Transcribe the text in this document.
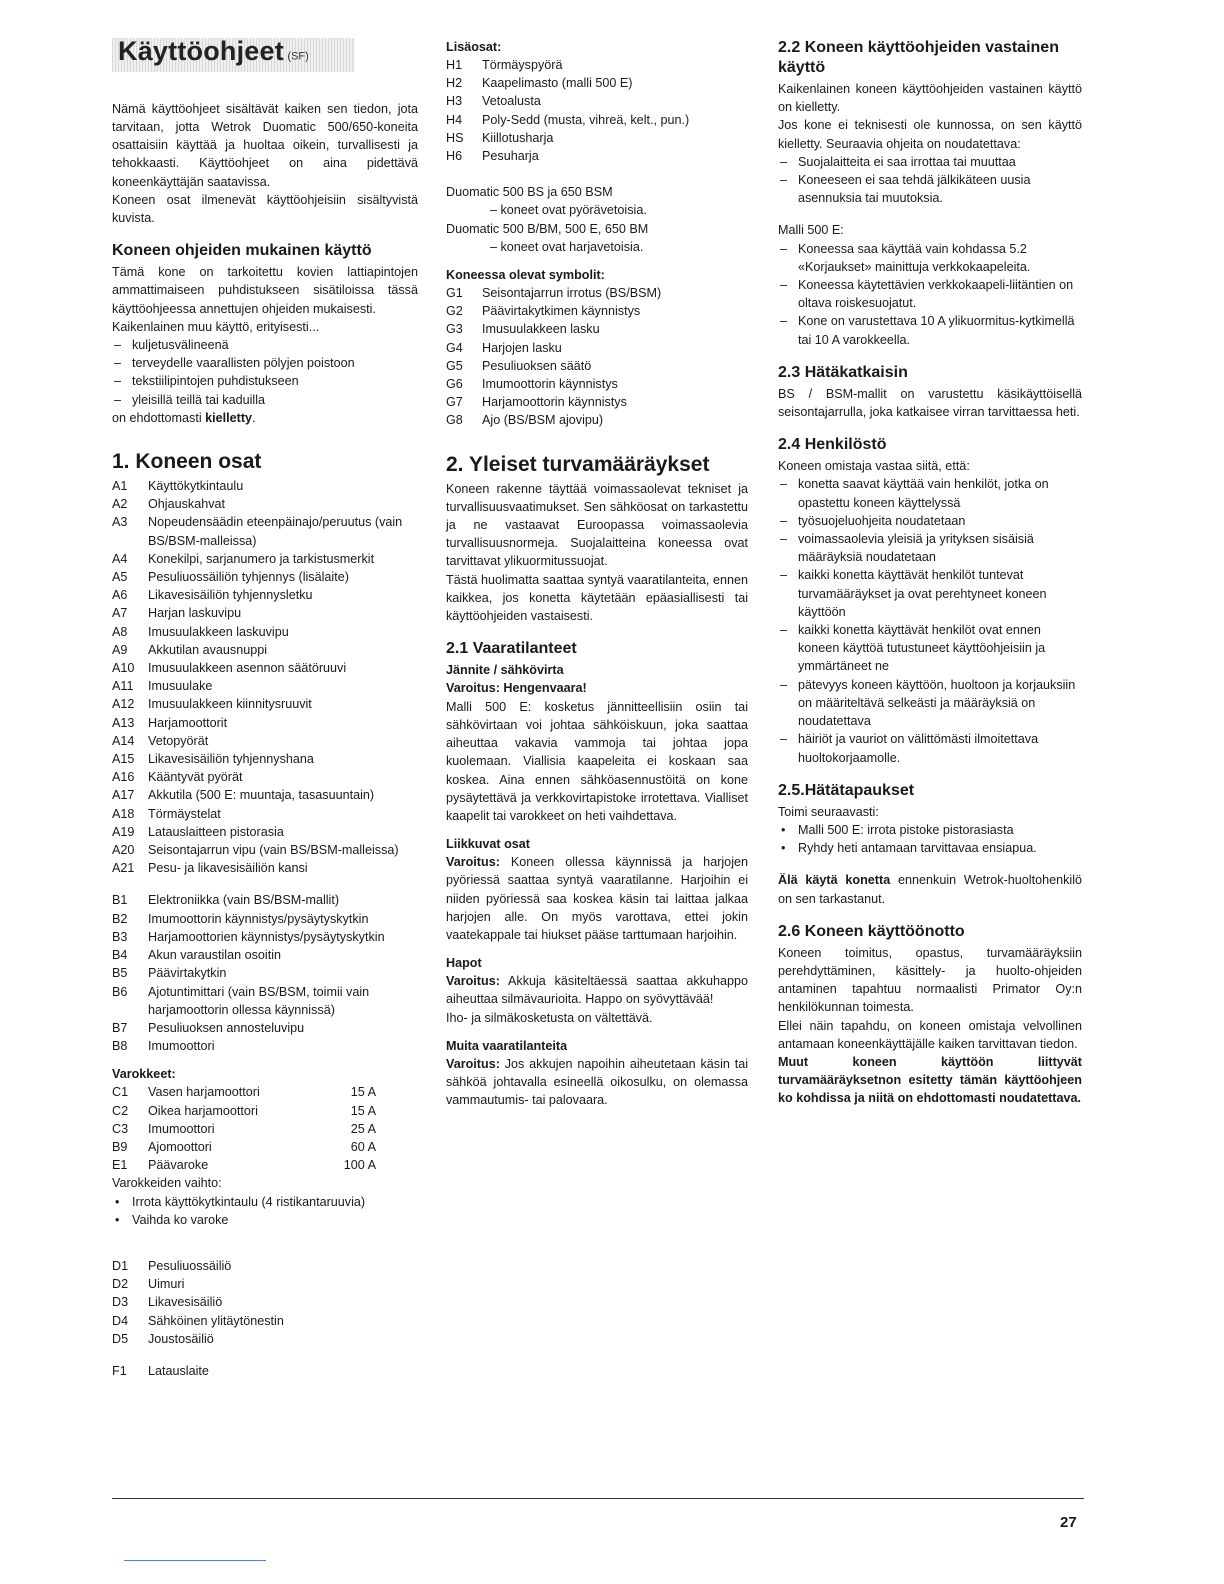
Käyttöohjeet (SF)

Nämä käyttöohjeet sisältävät kaiken sen tiedon, jota tarvitaan, jotta Wetrok Duomatic 500/650-koneita osattaisiin käyttää ja huoltaa oikein, turvallisesti ja tehokkaasti. Käyttöohjeet on aina pidettävä koneenkäyttäjän saatavissa.

Koneen osat ilmenevät käyttöohjeisiin sisältyvistä kuvista.

Koneen ohjeiden mukainen käyttö

Tämä kone on tarkoitettu kovien lattiapintojen ammattimaiseen puhdistukseen sisätiloissa tässä käyttöohjeessa annettujen ohjeiden mukaisesti.

Kaikenlainen muu käyttö, erityisesti...

– kuljetusvälineenä
– terveydelle vaarallisten pölyjen poistoon
– tekstiilipintojen puhdistukseen
– yleisillä teillä tai kaduilla

on ehdottomasti kielletty.

1. Koneen osat
A1	Käyttökytkintaulu
A2	Ohjauskahvat
A3	Nopeudensäädin eteenpäinajo/peruutus (vain BS/BSM-malleissa)
A4	Konekilpi, sarjanumero ja tarkistusmerkit
A5	Pesuliuossäiliön tyhjennys (lisälaite)
A6	Likavesisäiliön tyhjennysletku
A7	Harjan laskuvipu
A8	Imusuulakkeen laskuvipu
A9	Akkutilan avausnuppi
A10	Imusuulakkeen asennon säätöruuvi
A11	Imusuulake
A12	Imusuulakkeen kiinnitysruuvit
A13	Harjamoottorit
A14	Vetopyörät
A15	Likavesisäiliön tyhjennyshana
A16	Kääntyvät pyörät
A17	Akkutila (500 E: muuntaja, tasasuuntain)
A18	Törmäystelat
A19	Latauslaitteen pistorasia
A20	Seisontajarrun vipu (vain BS/BSM-malleissa)
A21	Pesu- ja likavesisäiliön kansi
B1	Elektroniikka (vain BS/BSM-mallit)
B2	Imumoottorin käynnistys/pysäytyskytkin
B3	Harjamoottorien käynnistys/pysäytyskytkin
B4	Akun varaustilan osoitin
B5	Päävirtakytkin
B6	Ajotuntimittari (vain BS/BSM, toimii vain harjamoottorin ollessa käynnissä)
B7	Pesuliuoksen annosteluvipu
B8	Imumoottori
Varokkeet:
C1	Vasen harjamoottori	15 A
C2	Oikea harjamoottori	15 A
C3	Imumoottori	25 A
B9	Ajomoottori	60 A
E1	Päävaroke	100 A

Varokkeiden vaihto:

• Irrota käyttökytkintaulu (4 ristikantaruuvia)
• Vaihda ko varoke
D1	Pesuliuossäiliö
D2	Uimuri
D3	Likavesisäiliö
D4	Sähköinen ylitäytönestin
D5	Joustosäiliö
F1	Latauslaite
Lisäosat:
H1	Törmäyspyörä
H2	Kaapelimasto (malli 500 E)
H3	Vetoalusta
H4	Poly-Sedd (musta, vihreä, kelt., pun.)
HS	Kiillotusharja
H6	Pesuharja

Duomatic 500 BS ja 650 BSM

– koneet ovat pyörävetoisia.

Duomatic 500 B/BM, 500 E, 650 BM

– koneet ovat harjavetoisia.

Koneessa olevat symbolit:
G1	Seisontajarrun irrotus (BS/BSM)
G2	Päävirtakytkimen käynnistys
G3	Imusuulakkeen lasku
G4	Harjojen lasku
G5	Pesuliuoksen säätö
G6	Imumoottorin käynnistys
G7	Harjamoottorin käynnistys
G8	Ajo (BS/BSM ajovipu)
2. Yleiset turvamääräykset

Koneen rakenne täyttää voimassaolevat tekniset ja turvallisuusvaatimukset. Sen sähköosat on tarkastettu ja ne vastaavat Euroopassa voimassaolevia turvallisuusnormeja. Suojalaitteina koneessa ovat tarvittavat ylikuormitussuojat.

Tästä huolimatta saattaa syntyä vaaratilanteita, ennen kaikkea, jos konetta käytetään epäasiallisesti tai käyttöohjeiden vastaisesti.

2.1 Vaaratilanteet

Jännite / sähkövirta

Varoitus: Hengenvaara!

Malli 500 E: kosketus jännitteellisiin osiin tai sähkövirtaan voi johtaa sähköiskuun, joka saattaa aiheuttaa vakavia vammoja tai johtaa jopa kuolemaan. Viallisia kaapeleita ei koskaan saa koskea. Aina ennen sähköasennustöitä on kone pysäytettävä ja verkkovirtapistoke irrotettava. Vialliset kaapelit tai varokkeet on heti vaihdettava.

Liikkuvat osat

Varoitus: Koneen ollessa käynnissä ja harjojen pyöriessä saattaa syntyä vaaratilanne. Harjoihin ei niiden pyöriessä saa koskea käsin tai laittaa jalkaa harjojen alle. On myös varottava, ettei jokin vaatekappale tai hiukset pääse tarttumaan harjoihin.

Hapot

Varoitus: Akkuja käsiteltäessä saattaa akkuhappo aiheuttaa silmävaurioita. Happo on syövyttävää!

Iho- ja silmäkosketusta on vältettävä.

Muita vaaratilanteita

Varoitus: Jos akkujen napoihin aiheutetaan käsin tai sähköä johtavalla esineellä oikosulku, on olemassa vammautumis- tai palovaara.

2.2 Koneen käyttöohjeiden vastainen käyttö

Kaikenlainen koneen käyttöohjeiden vastainen käyttö on kielletty.

Jos kone ei teknisesti ole kunnossa, on sen käyttö kielletty. Seuraavia ohjeita on noudatettava:

– Suojalaitteita ei saa irrottaa tai muuttaa
– Koneeseen ei saa tehdä jälkikäteen uusia asennuksia tai muutoksia.

Malli 500 E:

– Koneessa saa käyttää vain kohdassa 5.2 «Korjaukset» mainittuja verkkokaapeleita.
– Koneessa käytettävien verkkokaapeli-liitäntien on oltava roiskesuojatut.
– Kone on varustettava 10 A ylikuormitus-kytkimellä tai 10 A varokkeella.
2.3 Hätäkatkaisin

BS / BSM-mallit on varustettu käsikäyttöisellä seisontajarrulla, joka katkaisee virran tarvittaessa heti.

2.4 Henkilöstö

Koneen omistaja vastaa siitä, että:

– konetta saavat käyttää vain henkilöt, jotka on opastettu koneen käyttelyssä
– työsuojeluohjeita noudatetaan
– voimassaolevia yleisiä ja yrityksen sisäisiä määräyksiä noudatetaan
– kaikki konetta käyttävät henkilöt tuntevat turvamääräykset ja ovat perehtyneet koneen käyttöön
– kaikki konetta käyttävät henkilöt ovat ennen koneen käyttöä tutustuneet käyttöohjeisiin ja ymmärtäneet ne
– pätevyys koneen käyttöön, huoltoon ja korjauksiin on määriteltävä selkeästi ja määräyksiä on noudatettava
– häiriöt ja vauriot on välittömästi ilmoitettava huoltokorjaamolle.
2.5.Hätätapaukset

Toimi seuraavasti:

• Malli 500 E: irrota pistoke pistorasiasta
• Ryhdy heti antamaan tarvittavaa ensiapua.

Älä käytä konetta ennenkuin Wetrok-huoltohenkilö on sen tarkastanut.

2.6 Koneen käyttöönotto

Koneen toimitus, opastus, turvamääräyksiin perehdyttäminen, käsittely- ja huolto-ohjeiden antaminen tapahtuu normaalisti Primator Oy:n henkilökunnan toimesta.

Ellei näin tapahdu, on koneen omistaja velvollinen antamaan koneenkäyttäjälle kaiken tarvittavan tiedon.

Muut koneen käyttöön liittyvät turvamääräyksetnon esitetty tämän käyttöohjeen ko kohdissa ja niitä on ehdottomasti noudatettava.

27
